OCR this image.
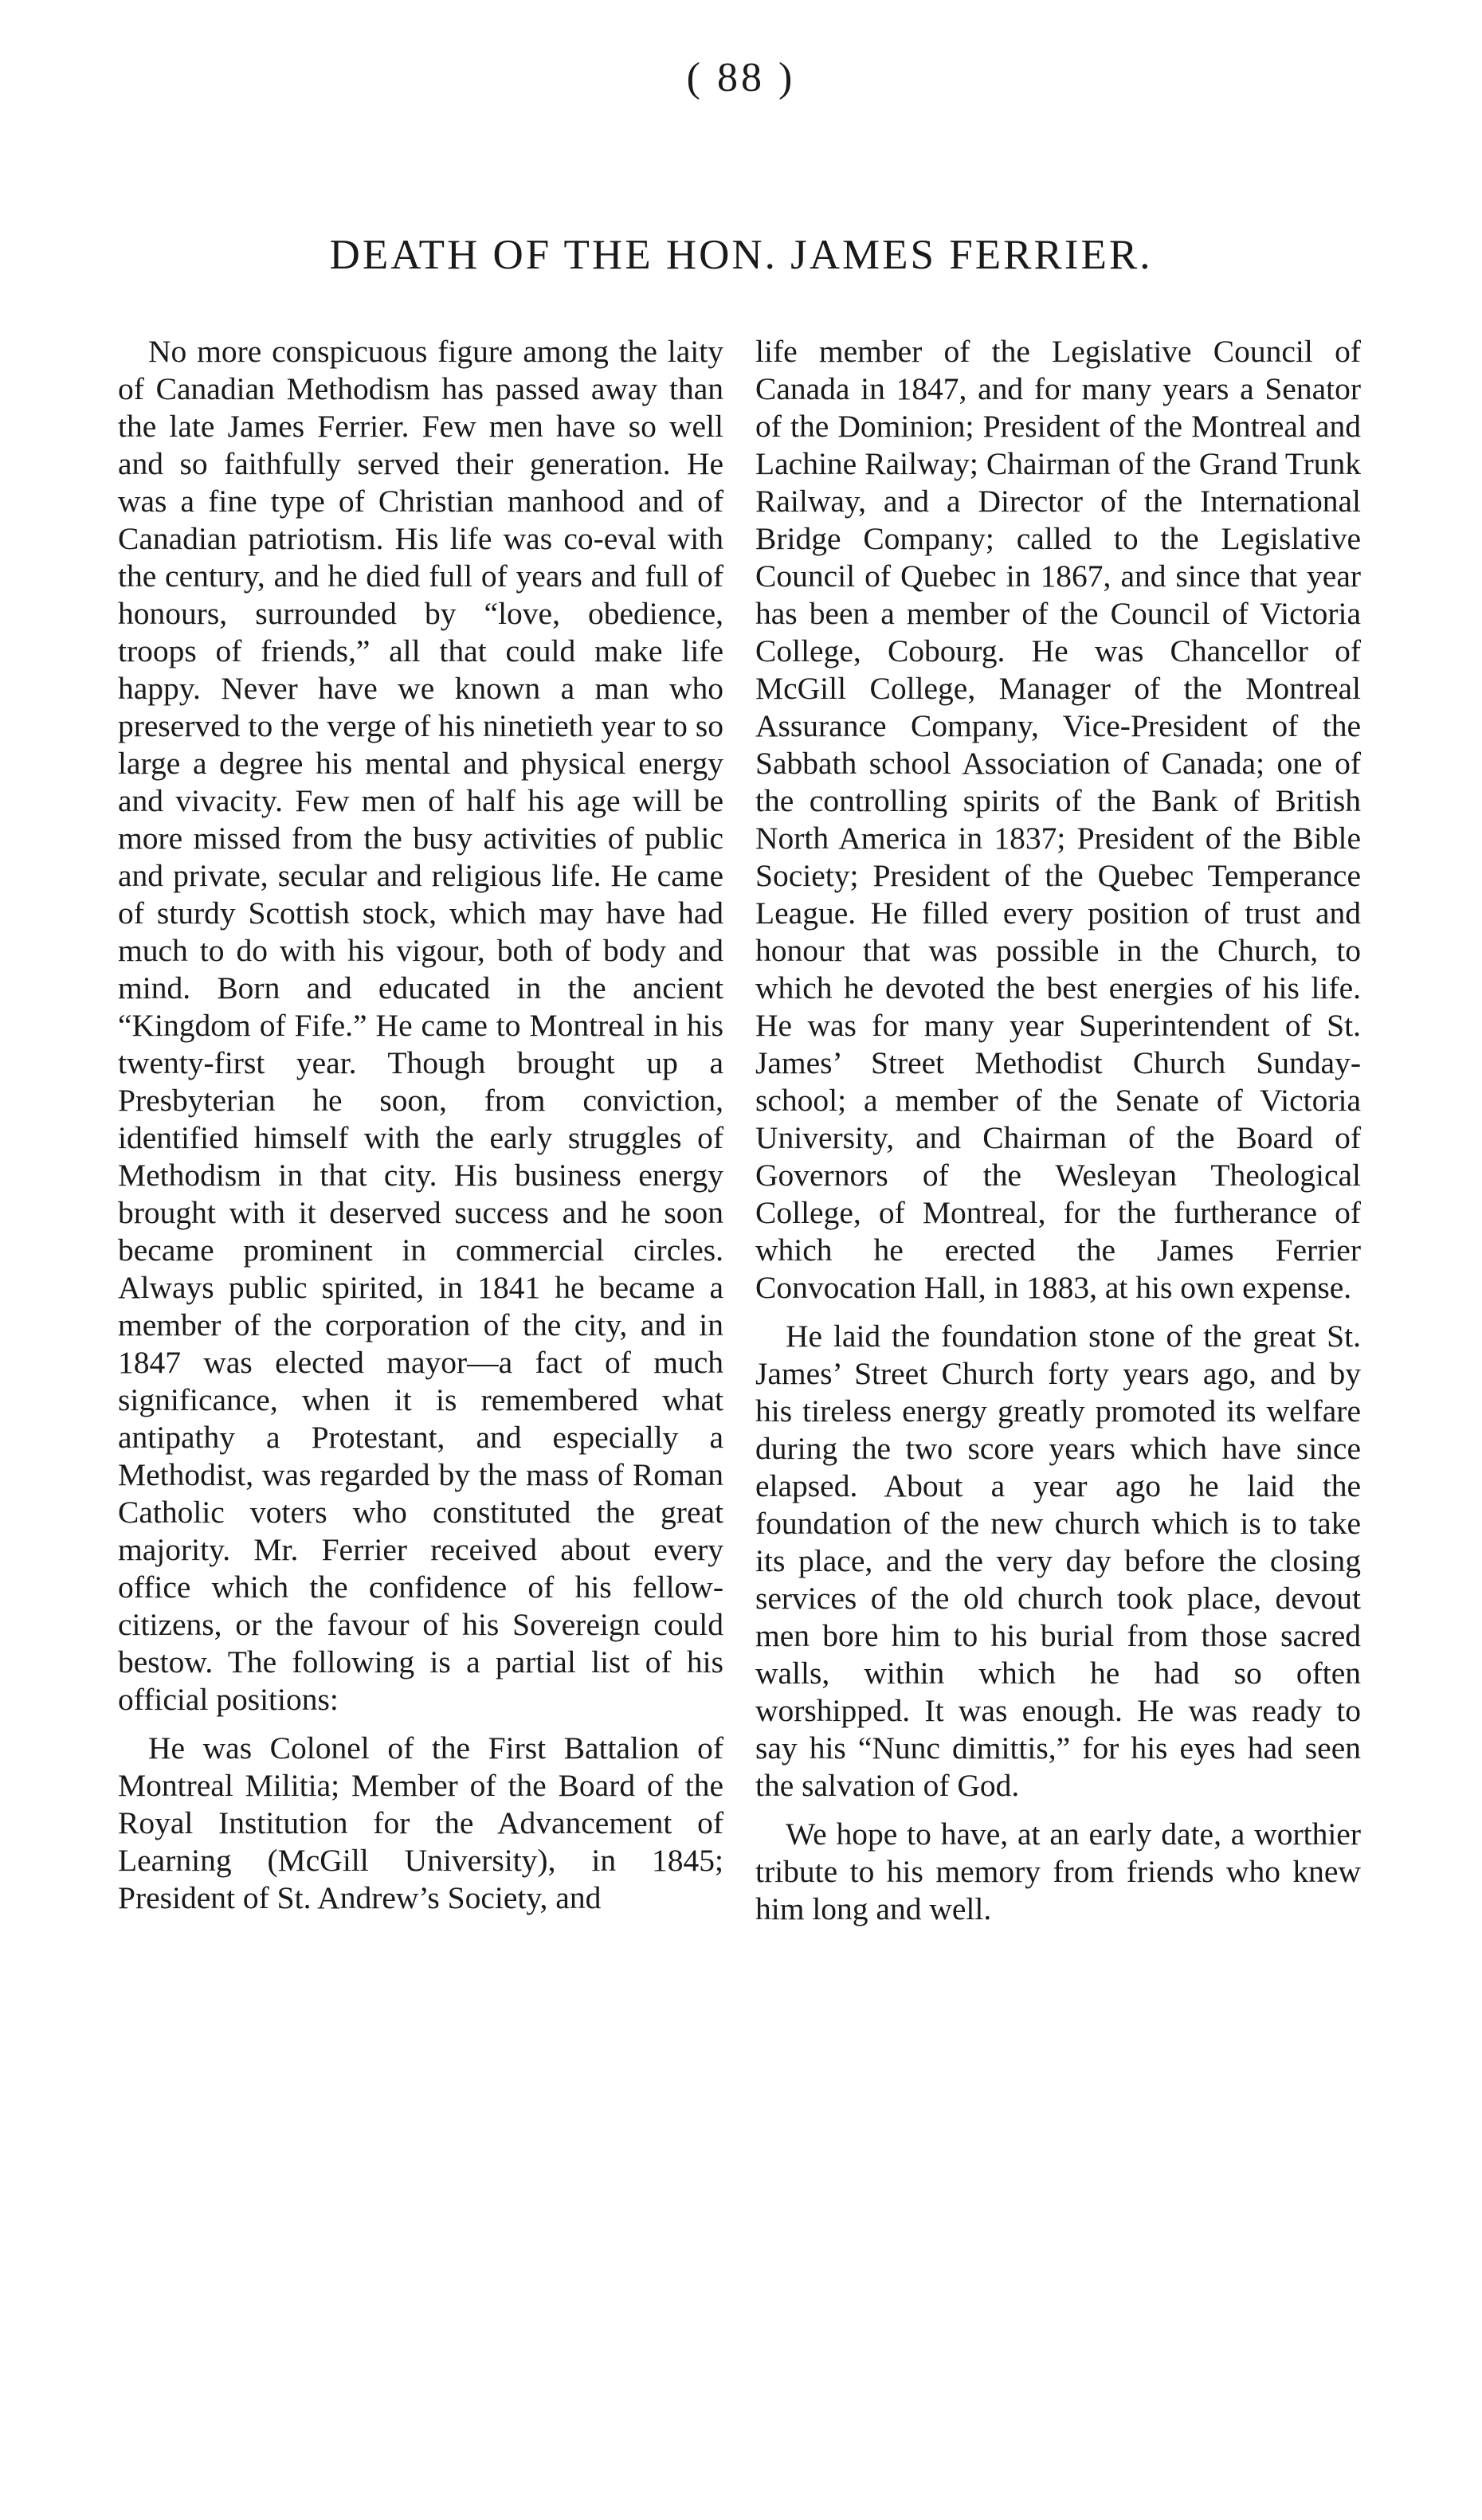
( 88 )
DEATH OF THE HON. JAMES FERRIER.

No more conspicuous figure among the laity of Canadian Methodism has passed away than the late James Ferrier. Few men have so well and so faithfully served their generation. He was a fine type of Christian manhood and of Canadian patriotism. His life was co-eval with the century, and he died full of years and full of honours, surrounded by “love, obedience, troops of friends,” all that could make life happy. Never have we known a man who preserved to the verge of his ninetieth year to so large a degree his mental and physical energy and vivacity. Few men of half his age will be more missed from the busy activities of public and private, secular and religious life. He came of sturdy Scottish stock, which may have had much to do with his vigour, both of body and mind. Born and educated in the ancient “Kingdom of Fife.” He came to Montreal in his twenty-first year. Though brought up a Presbyterian he soon, from conviction, identified himself with the early struggles of Methodism in that city. His business energy brought with it deserved success and he soon became prominent in commercial circles. Always public spirited, in 1841 he became a member of the corporation of the city, and in 1847 was elected mayor—a fact of much significance, when it is remembered what antipathy a Protestant, and especially a Methodist, was regarded by the mass of Roman Catholic voters who constituted the great majority. Mr. Ferrier received about every office which the confidence of his fellow-citizens, or the favour of his Sovereign could bestow. The following is a partial list of his official positions:

He was Colonel of the First Battalion of Montreal Militia; Member of the Board of the Royal Institution for the Advancement of Learning (McGill University), in 1845; President of St. Andrew’s Society, and

life member of the Legislative Council of Canada in 1847, and for many years a Senator of the Dominion; President of the Montreal and Lachine Railway; Chairman of the Grand Trunk Railway, and a Director of the International Bridge Company; called to the Legislative Council of Quebec in 1867, and since that year has been a member of the Council of Victoria College, Cobourg. He was Chancellor of McGill College, Manager of the Montreal Assurance Company, Vice-President of the Sabbath school Association of Canada; one of the controlling spirits of the Bank of British North America in 1837; President of the Bible Society; President of the Quebec Temperance League. He filled every position of trust and honour that was possible in the Church, to which he devoted the best energies of his life. He was for many year Superintendent of St. James’ Street Methodist Church Sunday-school; a member of the Senate of Victoria University, and Chairman of the Board of Governors of the Wesleyan Theological College, of Montreal, for the furtherance of which he erected the James Ferrier Convocation Hall, in 1883, at his own expense.

He laid the foundation stone of the great St. James’ Street Church forty years ago, and by his tireless energy greatly promoted its welfare during the two score years which have since elapsed. About a year ago he laid the foundation of the new church which is to take its place, and the very day before the closing services of the old church took place, devout men bore him to his burial from those sacred walls, within which he had so often worshipped. It was enough. He was ready to say his “Nunc dimittis,” for his eyes had seen the salvation of God.

We hope to have, at an early date, a worthier tribute to his memory from friends who knew him long and well.
